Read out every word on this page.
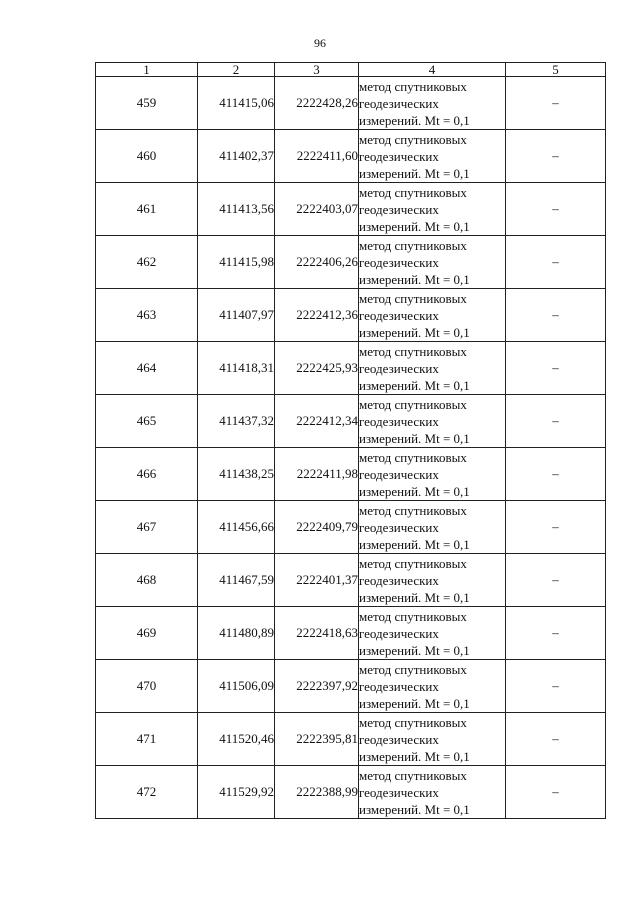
96
1	2	3	4	5
459	411415,06	2222428,26	метод спутниковых
геодезических
измерений. Mt = 0,1	–
460	411402,37	2222411,60	метод спутниковых
геодезических
измерений. Mt = 0,1	–
461	411413,56	2222403,07	метод спутниковых
геодезических
измерений. Mt = 0,1	–
462	411415,98	2222406,26	метод спутниковых
геодезических
измерений. Mt = 0,1	–
463	411407,97	2222412,36	метод спутниковых
геодезических
измерений. Mt = 0,1	–
464	411418,31	2222425,93	метод спутниковых
геодезических
измерений. Mt = 0,1	–
465	411437,32	2222412,34	метод спутниковых
геодезических
измерений. Mt = 0,1	–
466	411438,25	2222411,98	метод спутниковых
геодезических
измерений. Mt = 0,1	–
467	411456,66	2222409,79	метод спутниковых
геодезических
измерений. Mt = 0,1	–
468	411467,59	2222401,37	метод спутниковых
геодезических
измерений. Mt = 0,1	–
469	411480,89	2222418,63	метод спутниковых
геодезических
измерений. Mt = 0,1	–
470	411506,09	2222397,92	метод спутниковых
геодезических
измерений. Mt = 0,1	–
471	411520,46	2222395,81	метод спутниковых
геодезических
измерений. Mt = 0,1	–
472	411529,92	2222388,99	метод спутниковых
геодезических
измерений. Mt = 0,1	–
